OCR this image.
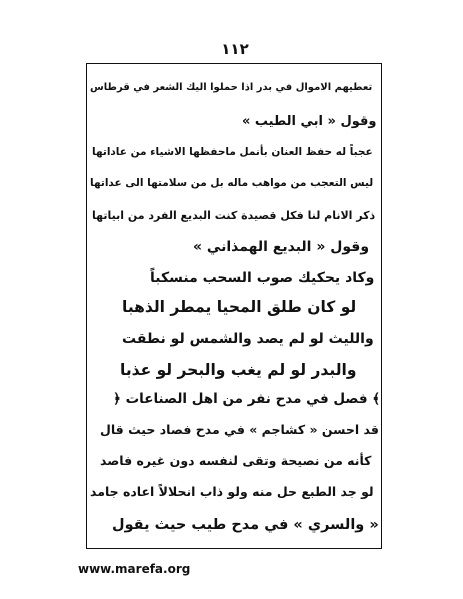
١١٢
تعطيهم الاموال في بدر اذا حملوا اليك الشعر في قرطاس
وقول « ابي الطيب »
عجباً له حفظ العنان بأنمل ماحفظها الاشياء من عاداتها
ليس التعجب من مواهب ماله بل من سلامتها الى عداتها
ذكر الانام لنا فكل قصيدة كنت البديع الفرد من ابياتها
وقول « البديع الهمذاني »
وكاد يحكيك صوب السحب منسكباً
لو كان طلق المحيا يمطر الذهبا
والليث لو لم يصد والشمس لو نطقت
والبدر لو لم يغب والبحر لو عذبا
﴾ فصل في مدح نفر من اهل الصناعات ﴿
قد احسن « كشاجم » في مدح فصاد حيث قال
كأنه من نصيحة وتقى لنفسه دون غيره فاصد
لو جد الطبع حل منه ولو ذاب انحلالاً اعاده جامد
« والسري » في مدح طيب حيث يقول
www.marefa.org
